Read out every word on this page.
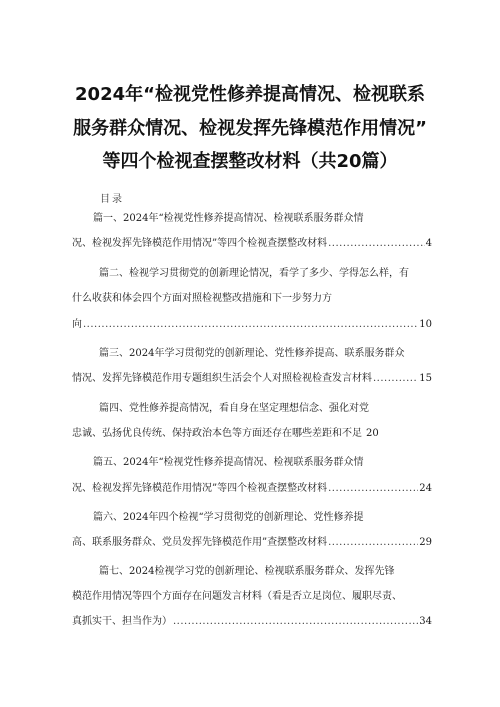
2024年“检视党性修养提高情况、检视联系
服务群众情况、检视发挥先锋模范作用情况”
等四个检视查摆整改材料（共20篇）
目录
篇一、2024年“检视党性修养提高情况、检视联系服务群众情
况、检视发挥先锋模范作用情况”等四个检视查摆整改材料 .....	4
篇二、检视学习贯彻党的创新理论情况，看学了多少、学得怎么样，有
什么收获和体会四个方面对照检视整改措施和下一步努力方
向 .....	10
篇三、2024年学习贯彻党的创新理论、党性修养提高、联系服务群众
情况、发挥先锋模范作用专题组织生活会个人对照检视检查发言材料 .....	15
篇四、党性修养提高情况，看自身在坚定理想信念、强化对党
忠诚、弘扬优良传统、保持政治本色等方面还存在哪些差距和不足 20
篇五、2024年“检视党性修养提高情况、检视联系服务群众情
况、检视发挥先锋模范作用情况”等四个检视查摆整改材料 .....	24
篇六、2024年四个检视“学习贯彻党的创新理论、党性修养提
高、联系服务群众、党员发挥先锋模范作用”查摆整改材料 .....	29
篇七、2024检视学习党的创新理论、检视联系服务群众、发挥先锋
模范作用情况等四个方面存在问题发言材料（看是否立足岗位、履职尽责、
真抓实干、担当作为） .....	34
